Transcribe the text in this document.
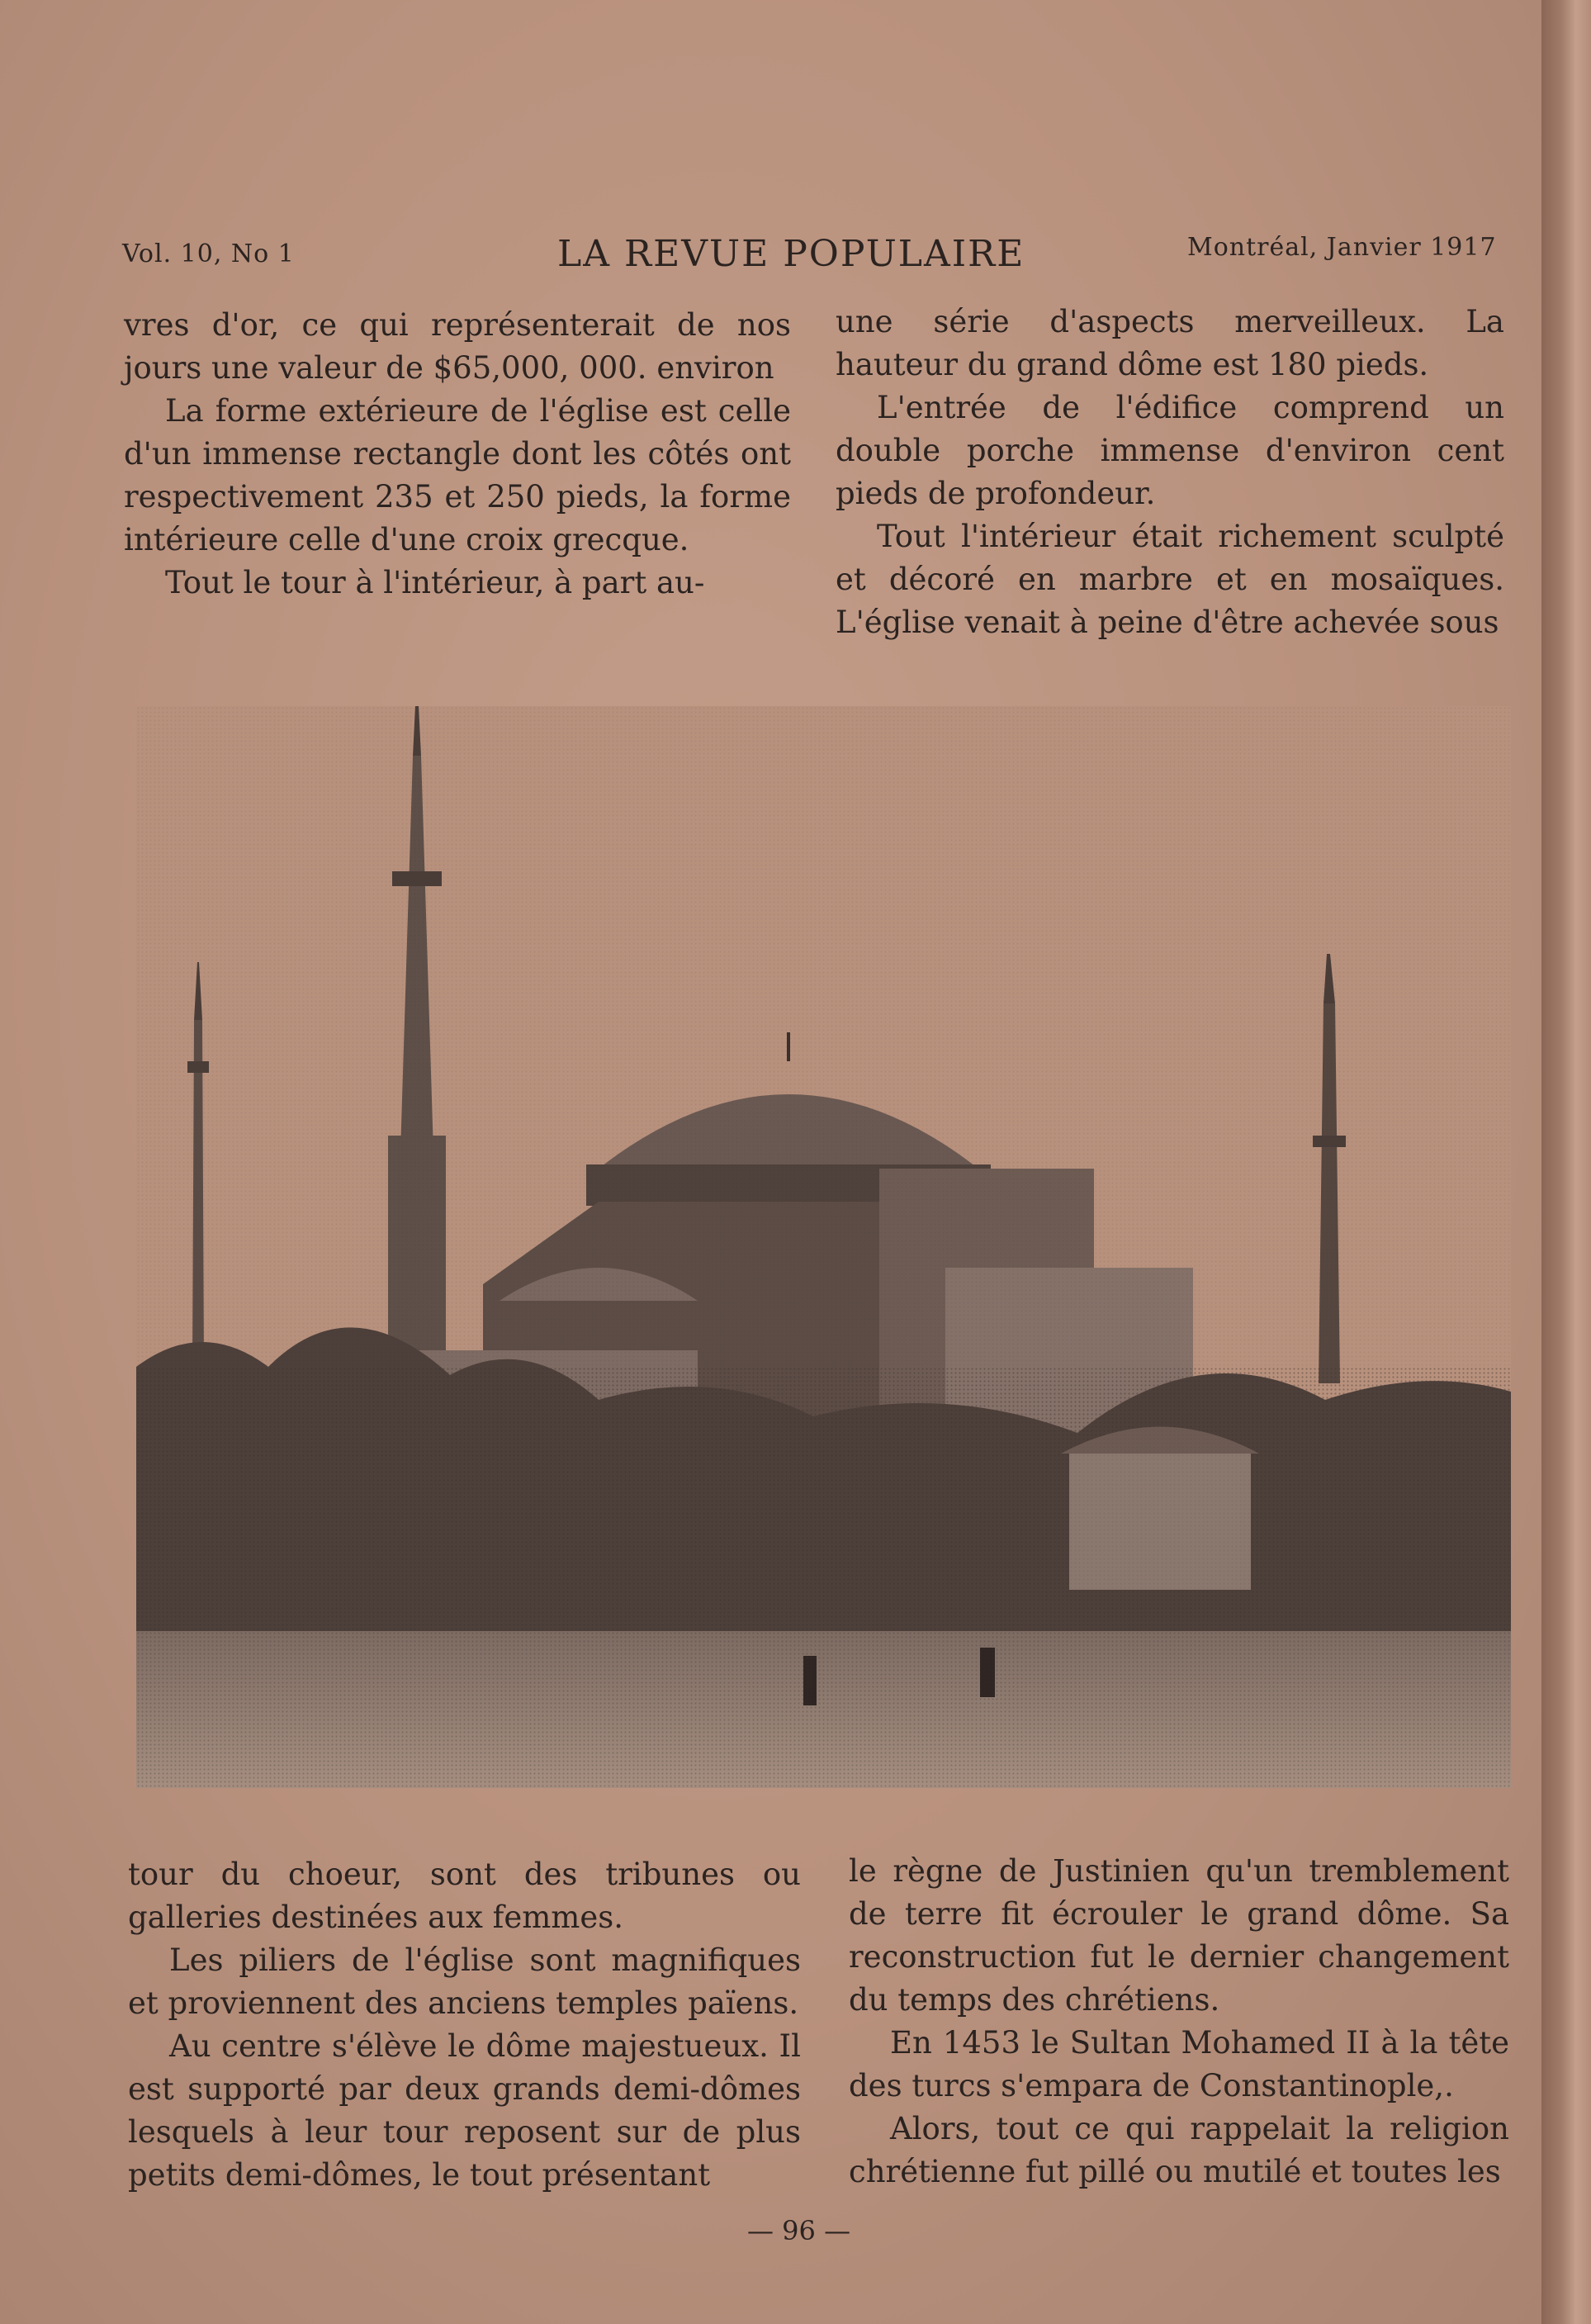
Vol. 10, No 1	LA REVUE POPULAIRE	Montréal, Janvier 1917

vres d'or, ce qui représenterait de nos jours une valeur de $65,000, 000. environ

La forme extérieure de l'église est celle d'un immense rectangle dont les côtés ont respectivement 235 et 250 pieds, la forme intérieure celle d'une croix grecque.

Tout le tour à l'intérieur, à part au-

une série d'aspects merveilleux. La hauteur du grand dôme est 180 pieds.

L'entrée de l'édifice comprend un double porche immense d'environ cent pieds de profondeur.

Tout l'intérieur était richement sculpté et décoré en marbre et en mosaïques. L'église venait à peine d'être achevée sous

tour du choeur, sont des tribunes ou galleries destinées aux femmes.

Les piliers de l'église sont magnifiques et proviennent des anciens temples païens.

Au centre s'élève le dôme majestueux. Il est supporté par deux grands demi-dômes lesquels à leur tour reposent sur de plus petits demi-dômes, le tout présentant

le règne de Justinien qu'un tremblement de terre fit écrouler le grand dôme. Sa reconstruction fut le dernier changement du temps des chrétiens.

En 1453 le Sultan Mohamed II à la tête des turcs s'empara de Constantinople,.

Alors, tout ce qui rappelait la religion chrétienne fut pillé ou mutilé et toutes les

— 96 —
